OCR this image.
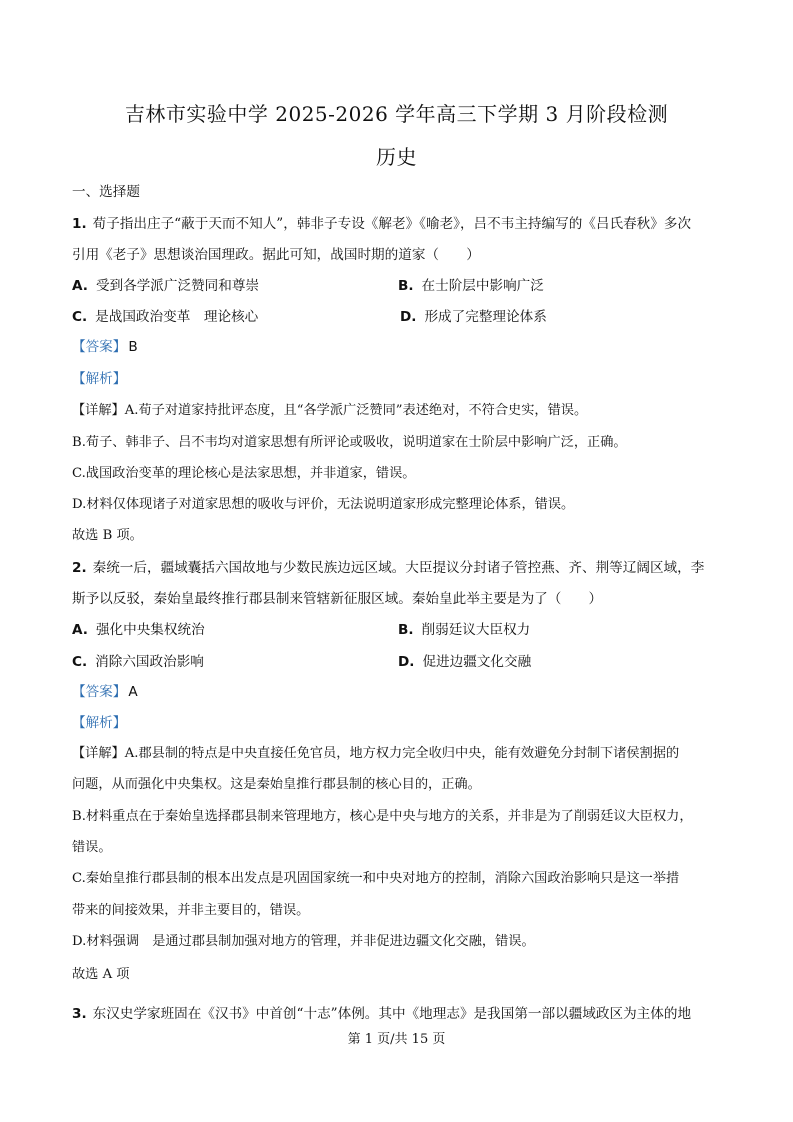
吉林市实验中学 2025-2026 学年高三下学期 3 月阶段检测
历史
一、选择题
1. 荀子指出庄子“蔽于天而不知人”，韩非子专设《解老》《喻老》，吕不韦主持编写的《吕氏春秋》多次
引用《老子》思想谈治国理政。据此可知，战国时期的道家（　　）
A. 受到各学派广泛赞同和尊崇	B. 在士阶层中影响广泛
C. 是战国政治变革　理论核心	D. 形成了完整理论体系
【答案】 B
【解析】
【详解】A.荀子对道家持批评态度，且“各学派广泛赞同”表述绝对，不符合史实，错误。
B.荀子、韩非子、吕不韦均对道家思想有所评论或吸收，说明道家在士阶层中影响广泛，正确。
C.战国政治变革的理论核心是法家思想，并非道家，错误。
D.材料仅体现诸子对道家思想的吸收与评价，无法说明道家形成完整理论体系，错误。
故选 B 项。
2. 秦统一后，疆域囊括六国故地与少数民族边远区域。大臣提议分封诸子管控燕、齐、荆等辽阔区域，李
斯予以反驳，秦始皇最终推行郡县制来管辖新征服区域。秦始皇此举主要是为了（　　）
A. 强化中央集权统治	B. 削弱廷议大臣权力
C. 消除六国政治影响	D. 促进边疆文化交融
【答案】 A
【解析】
【详解】A.郡县制的特点是中央直接任免官员，地方权力完全收归中央，能有效避免分封制下诸侯割据的
问题，从而强化中央集权。这是秦始皇推行郡县制的核心目的，正确。
B.材料重点在于秦始皇选择郡县制来管理地方，核心是中央与地方的关系，并非是为了削弱廷议大臣权力，
错误。
C.秦始皇推行郡县制的根本出发点是巩固国家统一和中央对地方的控制，消除六国政治影响只是这一举措
带来的间接效果，并非主要目的，错误。
D.材料强调　是通过郡县制加强对地方的管理，并非促进边疆文化交融，错误。
故选 A 项
3. 东汉史学家班固在《汉书》中首创“十志”体例。其中《地理志》是我国第一部以疆域政区为主体的地
第 1 页/共 15 页
